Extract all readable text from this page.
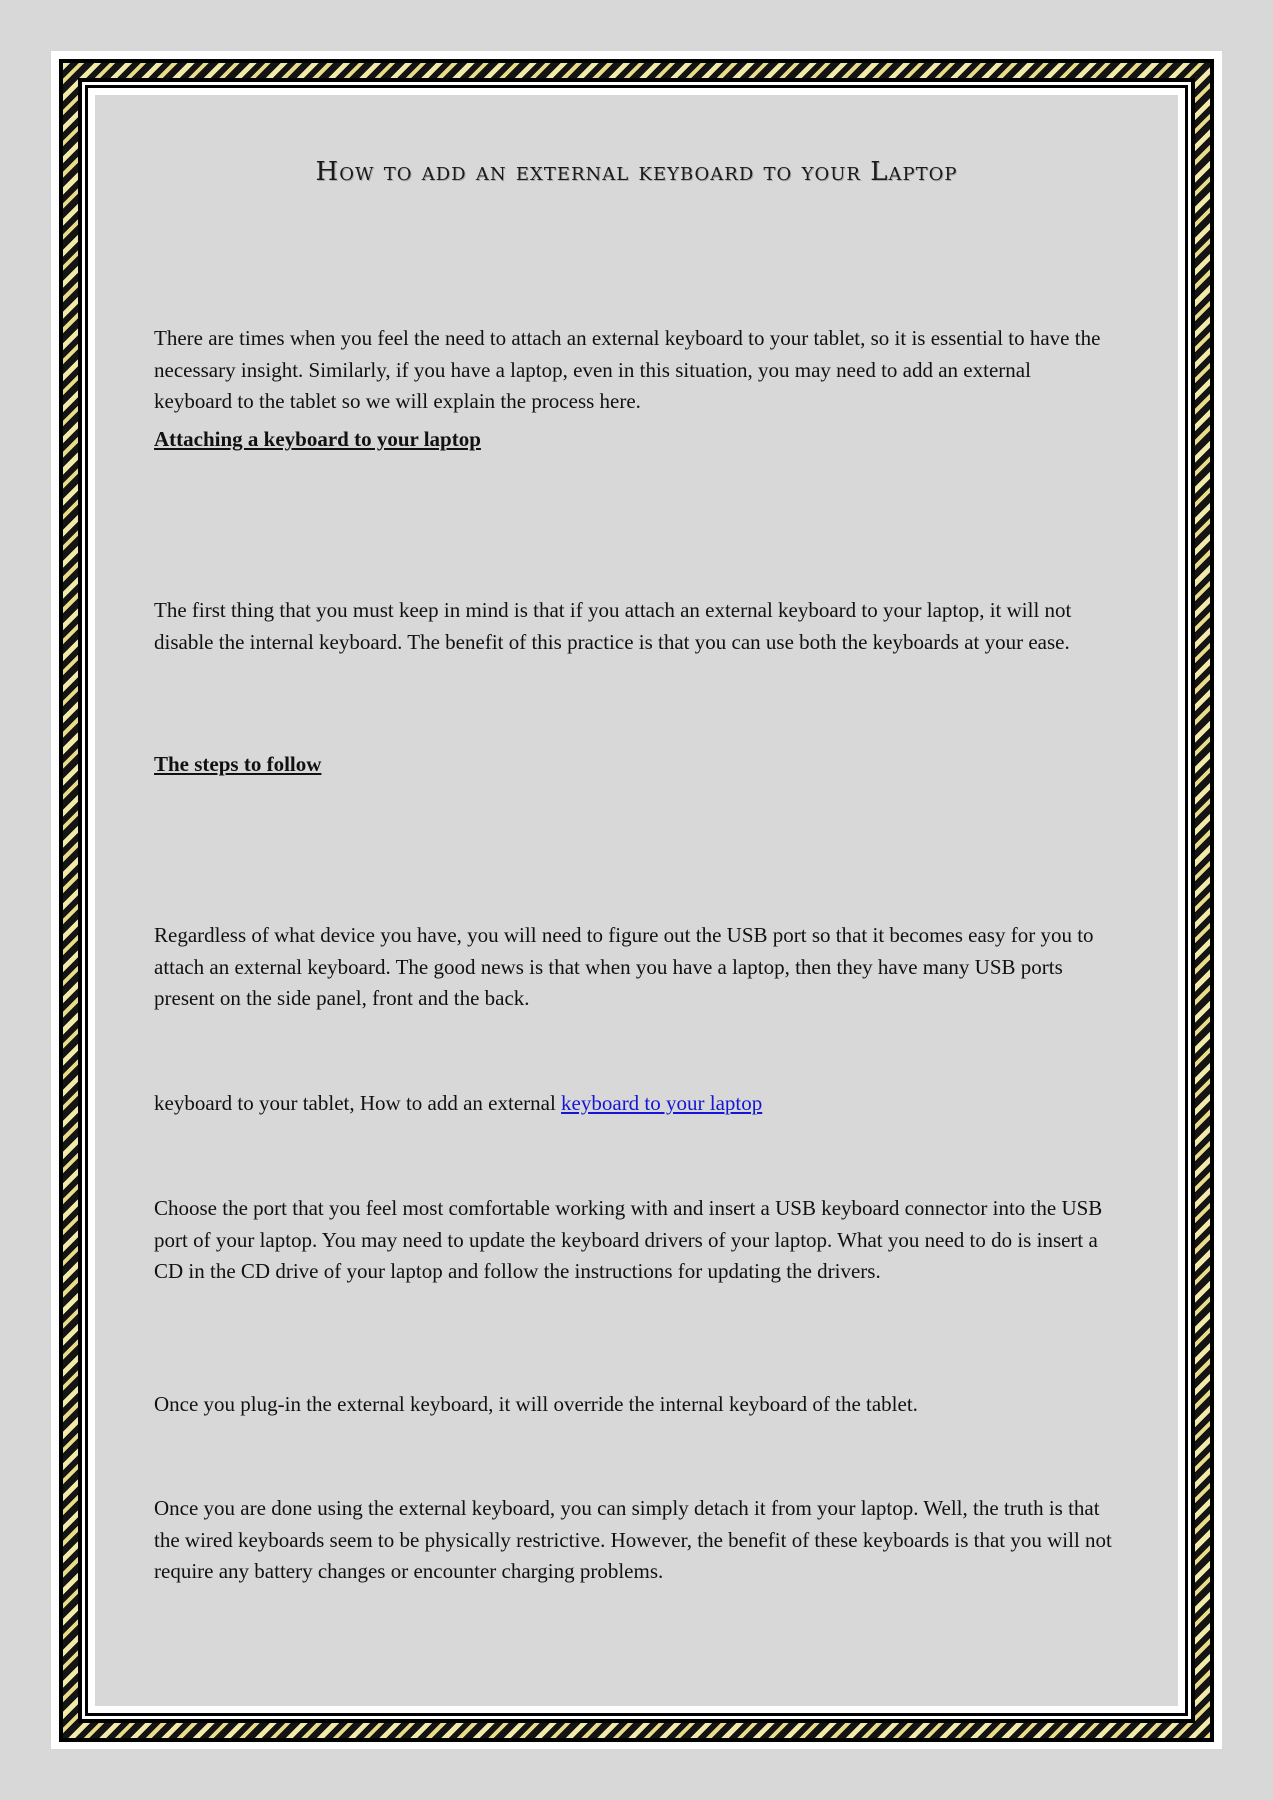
How to add an external keyboard to your Laptop

There are times when you feel the need to attach an external keyboard to your tablet, so it is essential to have the necessary insight. Similarly, if you have a laptop, even in this situation, you may need to add an external keyboard to the tablet so we will explain the process here.

Attaching a keyboard to your laptop

The first thing that you must keep in mind is that if you attach an external keyboard to your laptop, it will not disable the internal keyboard. The benefit of this practice is that you can use both the keyboards at your ease.

The steps to follow

Regardless of what device you have, you will need to figure out the USB port so that it becomes easy for you to attach an external keyboard. The good news is that when you have a laptop, then they have many USB ports present on the side panel, front and the back.

keyboard to your tablet, How to add an external keyboard to your laptop

Choose the port that you feel most comfortable working with and insert a USB keyboard connector into the USB port of your laptop. You may need to update the keyboard drivers of your laptop. What you need to do is insert a CD in the CD drive of your laptop and follow the instructions for updating the drivers.

Once you plug-in the external keyboard, it will override the internal keyboard of the tablet.

Once you are done using the external keyboard, you can simply detach it from your laptop. Well, the truth is that the wired keyboards seem to be physically restrictive. However, the benefit of these keyboards is that you will not require any battery changes or encounter charging problems.
